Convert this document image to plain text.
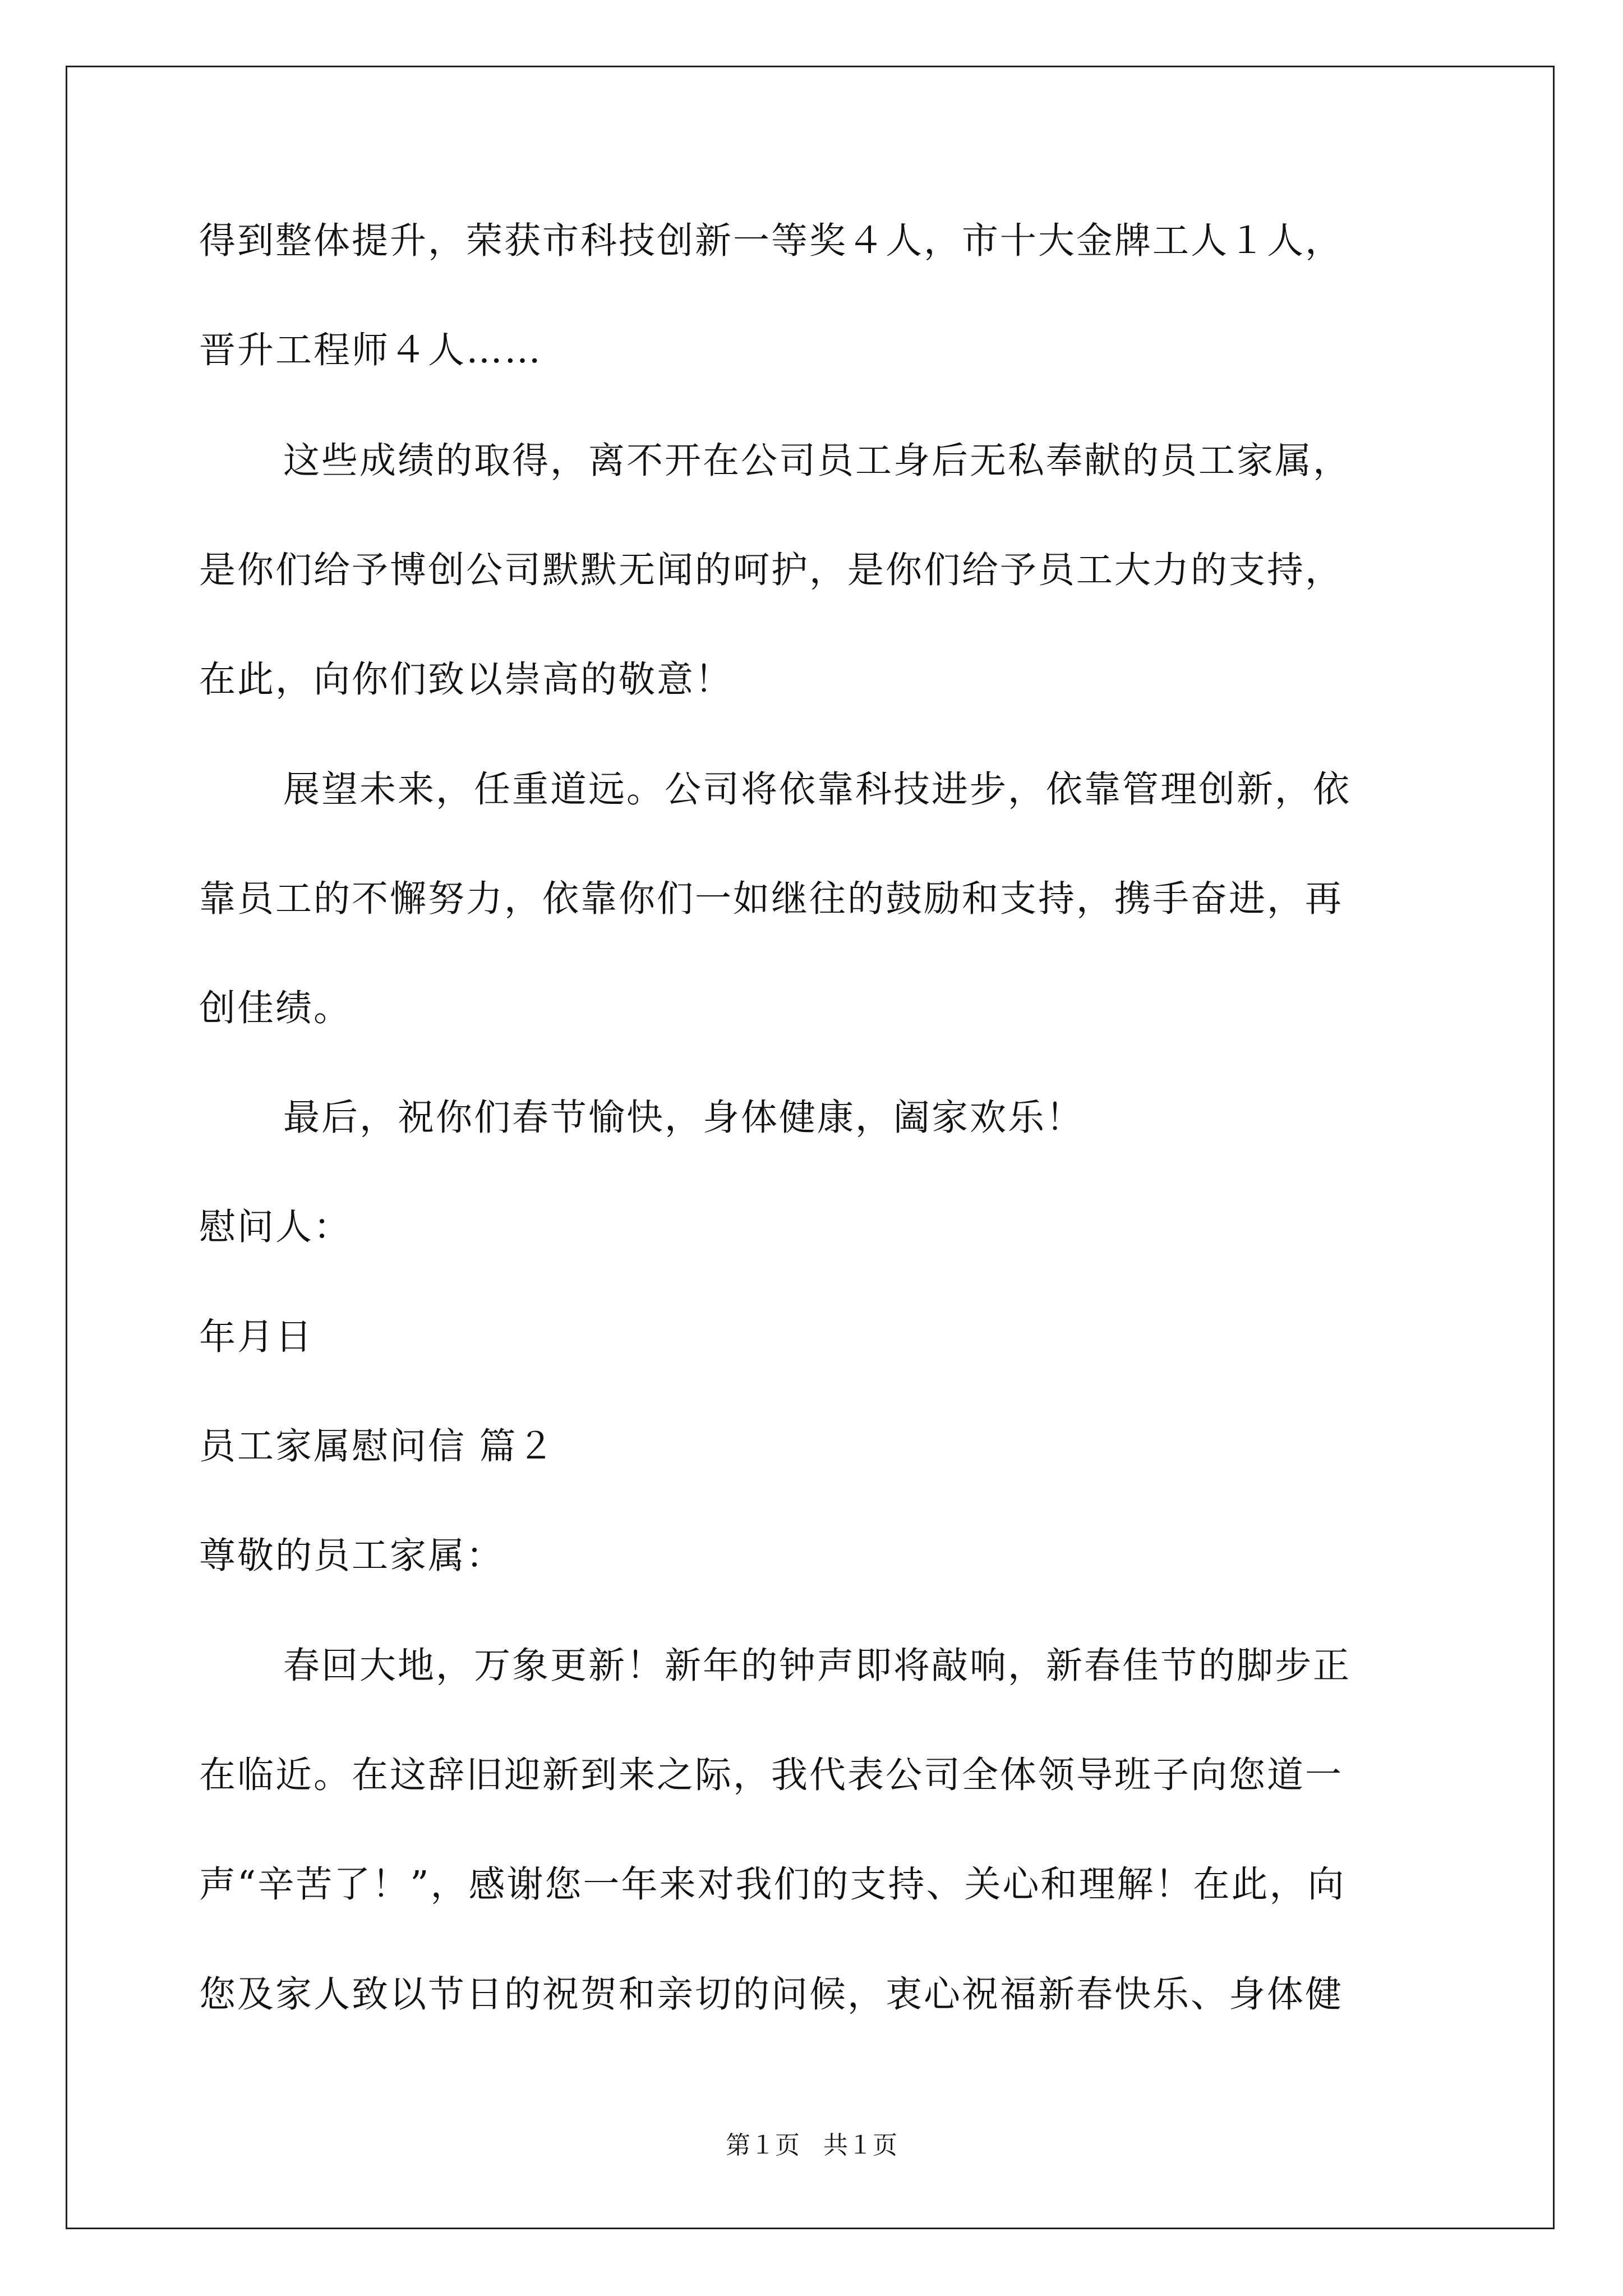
得到整体提升，荣获市科技创新一等奖４人，市十大金牌工人１人，
晋升工程师４人……
这些成绩的取得，离不开在公司员工身后无私奉献的员工家属，
是你们给予博创公司默默无闻的呵护，是你们给予员工大力的支持，
在此，向你们致以崇高的敬意！
展望未来，任重道远。公司将依靠科技进步，依靠管理创新，依
靠员工的不懈努力，依靠你们一如继往的鼓励和支持，携手奋进，再
创佳绩。
最后，祝你们春节愉快，身体健康，阖家欢乐！
慰问人：
年月日
员工家属慰问信 篇２
尊敬的员工家属：
春回大地，万象更新！新年的钟声即将敲响，新春佳节的脚步正
在临近。在这辞旧迎新到来之际，我代表公司全体领导班子向您道一
声“辛苦了！”，感谢您一年来对我们的支持、关心和理解！在此，向
您及家人致以节日的祝贺和亲切的问候，衷心祝福新春快乐、身体健
第１页 共１页
